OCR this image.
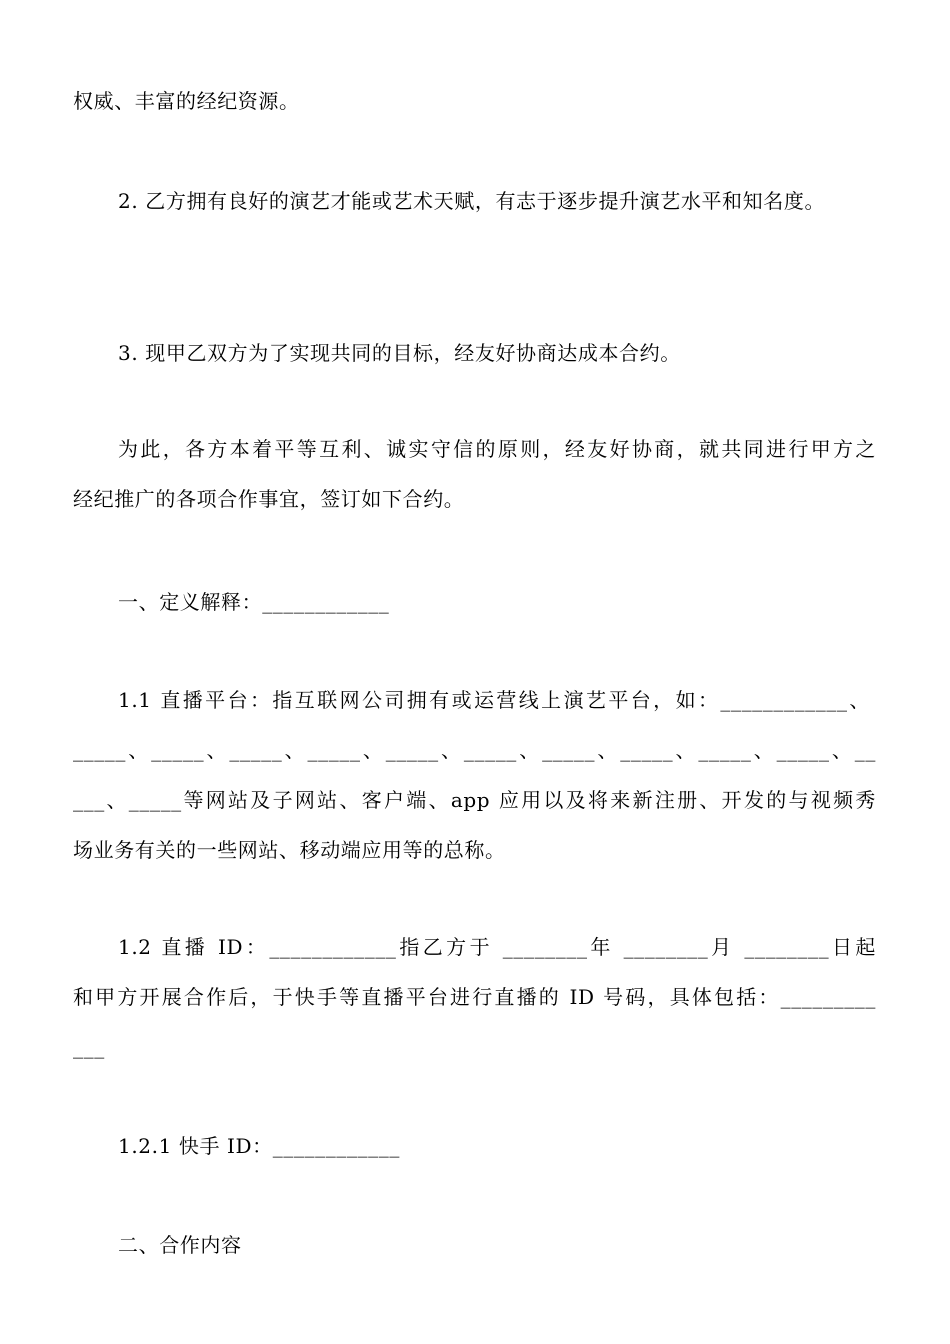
权威、丰富的经纪资源。
2. 乙方拥有良好的演艺才能或艺术天赋，有志于逐步提升演艺水平和知名度。
3. 现甲乙双方为了实现共同的目标，经友好协商达成本合约。
为此，各方本着平等互利、诚实守信的原则，经友好协商，就共同进行甲方之
经纪推广的各项合作事宜，签订如下合约。
一、定义解释：____________
1.1 直播平台：指互联网公司拥有或运营线上演艺平台，如：____________、
_____、_____、_____、_____、_____、_____、_____、_____、_____、_____、__
___、_____等网站及子网站、客户端、app 应用以及将来新注册、开发的与视频秀
场业务有关的一些网站、移动端应用等的总称。
1.2 直播 ID：____________指乙方于 ________年 ________月 ________日起
和甲方开展合作后，于快手等直播平台进行直播的 ID 号码，具体包括：_________
___
1.2.1 快手 ID：____________
二、合作内容
